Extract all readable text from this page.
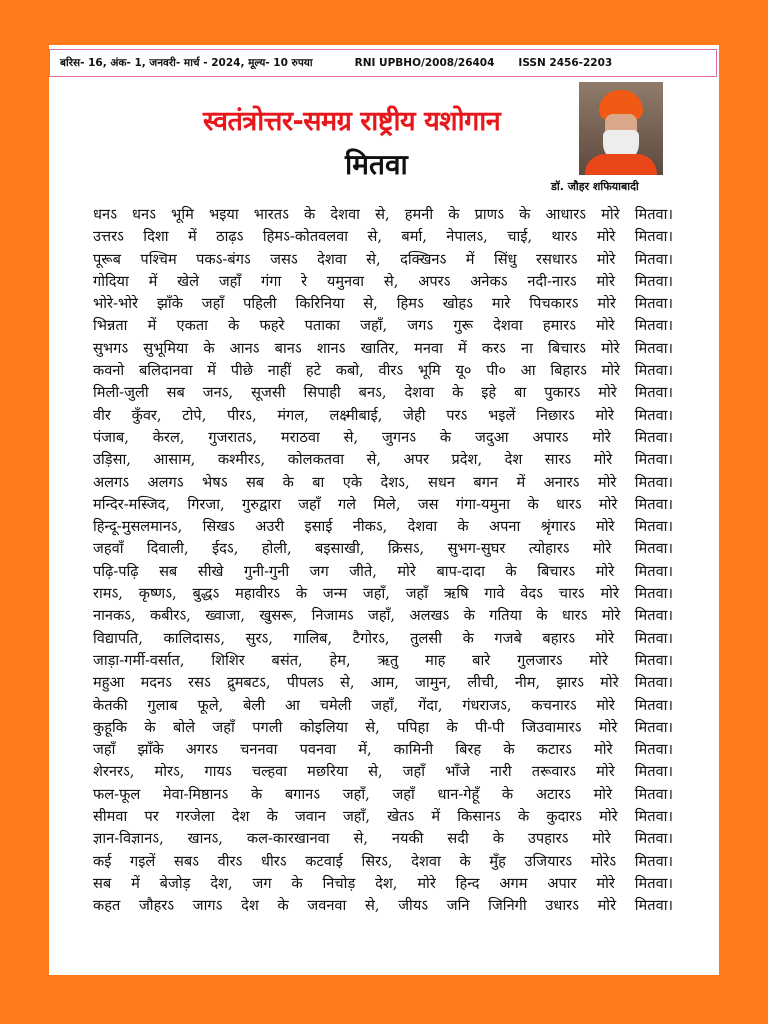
बरिस- 16, अंक- 1, जनवरी- मार्च - 2024, मूल्य- 10 रुपया	RNI UPBHO/2008/26404 ISSN 2456-2203
स्वतंत्रोत्तर-समग्र राष्ट्रीय यशोगान
मितवा
डॉ. जौहर शफियाबादी
धनऽ धनऽ भूमि भइया भारतऽ के देशवा से, हमनी के प्राणऽ के आधारऽ मोरे मितवा।
उत्तरऽ दिशा में ठाढ़ऽ हिमऽ-कोतवलवा से, बर्मा, नेपालऽ, चाई, थारऽ मोरे मितवा।
पूरूब पश्चिम पकऽ-बंगऽ जसऽ देशवा से, दक्खिनऽ में सिंधु रसधारऽ मोरे मितवा।
गोदिया में खेले जहाँ गंगा रे यमुनवा से, अपरऽ अनेकऽ नदी-नारऽ मोरे मितवा।
भोरे-भोरे झाँके जहाँ पहिली किरिनिया से, हिमऽ खोहऽ मारे पिचकारऽ मोरे मितवा।
भिन्नता में एकता के फहरे पताका जहाँ, जगऽ गुरू देशवा हमारऽ मोरे मितवा।
सुभगऽ सुभूमिया के आनऽ बानऽ शानऽ खातिर, मनवा में करऽ ना बिचारऽ मोरे मितवा।
कवनो बलिदानवा में पीछे नाहीं हटे कबो, वीरऽ भूमि यू० पी० आ बिहारऽ मोरे मितवा।
मिली-जुली सब जनऽ, सूजसी सिपाही बनऽ, देशवा के इहे बा पुकारऽ मोरे मितवा।
वीर कुँवर, टोपे, पीरऽ, मंगल, लक्ष्मीबाई, जेही परऽ भइलें निछारऽ मोरे मितवा।
पंजाब, केरल, गुजरातऽ, मराठवा से, जुगनऽ के जदुआ अपारऽ मोरे मितवा।
उड़िसा, आसाम, कश्मीरऽ, कोलकतवा से, अपर प्रदेश, देश सारऽ मोरे मितवा।
अलगऽ अलगऽ भेषऽ सब के बा एके देशऽ, सधन बगन में अनारऽ मोरे मितवा।
मन्दिर-मस्जिद, गिरजा, गुरुद्वारा जहाँ गले मिले, जस गंगा-यमुना के धारऽ मोरे मितवा।
हिन्दू-मुसलमानऽ, सिखऽ अउरी इसाई नीकऽ, देशवा के अपना श्रृंगारऽ मोरे मितवा।
जहवाँ दिवाली, ईदऽ, होली, बइसाखी, क्रिसऽ, सुभग-सुघर त्योहारऽ मोरे मितवा।
पढ़ि-पढ़ि सब सीखे गुनी-गुनी जग जीते, मोरे बाप-दादा के बिचारऽ मोरे मितवा।
रामऽ, कृष्णऽ, बुद्धऽ महावीरऽ के जन्म जहाँ, जहाँ ऋषि गावे वेदऽ चारऽ मोरे मितवा।
नानकऽ, कबीरऽ, ख्वाजा, खुसरू, निजामऽ जहाँ, अलखऽ के गतिया के धारऽ मोरे मितवा।
विद्यापति, कालिदासऽ, सुरऽ, गालिब, टैगोरऽ, तुलसी के गजबे बहारऽ मोरे मितवा।
जाड़ा-गर्मी-वर्सात, शिशिर बसंत, हेम, ऋतु माह बारे गुलजारऽ मोरे मितवा।
महुआ मदनऽ रसऽ द्रुमबटऽ, पीपलऽ से, आम, जामुन, लीची, नीम, झारऽ मोरे मितवा।
केतकी गुलाब फूले, बेली आ चमेली जहाँ, गेंदा, गंधराजऽ, कचनारऽ मोरे मितवा।
कुहूकि के बोले जहाँ पगली कोइलिया से, पपिहा के पी-पी जिउवामारऽ मोरे मितवा।
जहाँ झाँके अगरऽ चननवा पवनवा में, कामिनी बिरह के कटारऽ मोरे मितवा।
शेरनरऽ, मोरऽ, गायऽ चल्हवा मछरिया से, जहाँ भाँजे नारी तरूवारऽ मोरे मितवा।
फल-फूल मेवा-मिष्ठानऽ के बगानऽ जहाँ, जहाँ धान-गेहूँ के अटारऽ मोरे मितवा।
सीमवा पर गरजेला देश के जवान जहाँ, खेतऽ में किसानऽ के कुदारऽ मोरे मितवा।
ज्ञान-विज्ञानऽ, खानऽ, कल-कारखानवा से, नयकी सदी के उपहारऽ मोरे मितवा।
कई गइलें सबऽ वीरऽ धीरऽ कटवाई सिरऽ, देशवा के मुँह उजियारऽ मोरेऽ मितवा।
सब में बेजोड़ देश, जग के निचोड़ देश, मोरे हिन्द अगम अपार मोरे मितवा।
कहत जौहरऽ जागऽ देश के जवनवा से, जीयऽ जनि जिनिगी उधारऽ मोरे मितवा।
